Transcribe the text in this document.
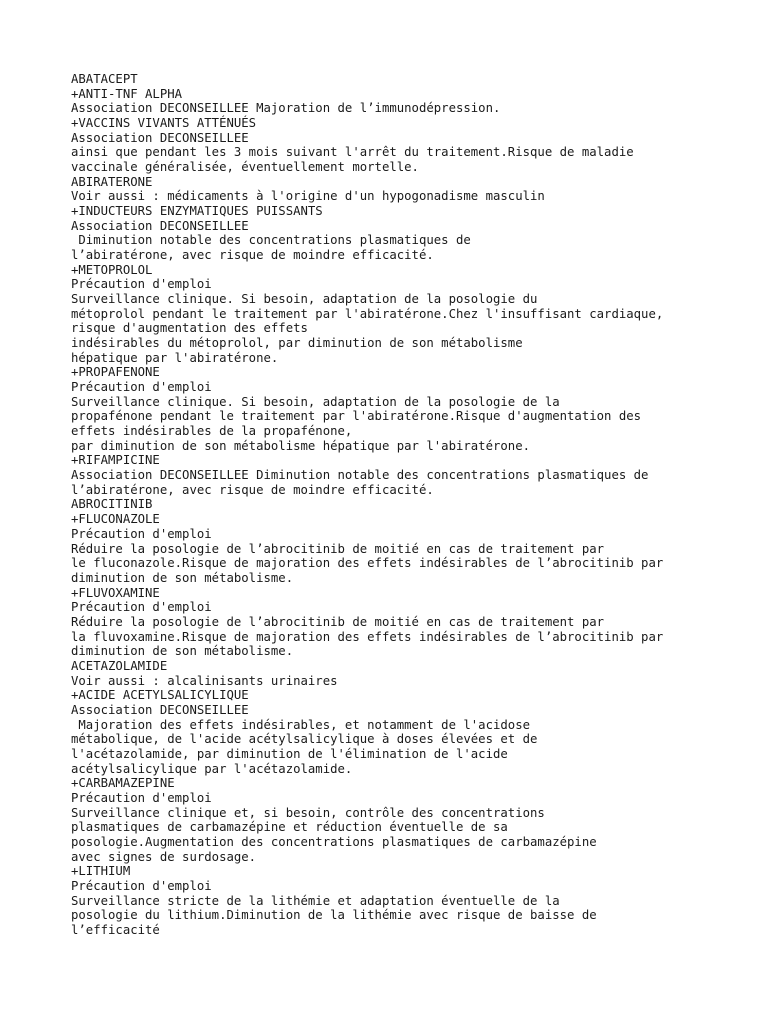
ABATACEPT
+ANTI-TNF ALPHA
Association DECONSEILLEE Majoration de l’immunodépression.
+VACCINS VIVANTS ATTÉNUÉS
Association DECONSEILLEE
ainsi que pendant les 3 mois suivant l'arrêt du traitement.Risque de maladie
vaccinale généralisée, éventuellement mortelle.
ABIRATERONE
Voir aussi : médicaments à l'origine d'un hypogonadisme masculin
+INDUCTEURS ENZYMATIQUES PUISSANTS
Association DECONSEILLEE
Diminution notable des concentrations plasmatiques de
l’abiratérone, avec risque de moindre efficacité.
+METOPROLOL
Précaution d'emploi
Surveillance clinique. Si besoin, adaptation de la posologie du
métoprolol pendant le traitement par l'abiratérone.Chez l'insuffisant cardiaque,
risque d'augmentation des effets
indésirables du métoprolol, par diminution de son métabolisme
hépatique par l'abiratérone.
+PROPAFENONE
Précaution d'emploi
Surveillance clinique. Si besoin, adaptation de la posologie de la
propafénone pendant le traitement par l'abiratérone.Risque d'augmentation des
effets indésirables de la propafénone,
par diminution de son métabolisme hépatique par l'abiratérone.
+RIFAMPICINE
Association DECONSEILLEE Diminution notable des concentrations plasmatiques de
l’abiratérone, avec risque de moindre efficacité.
ABROCITINIB
+FLUCONAZOLE
Précaution d'emploi
Réduire la posologie de l’abrocitinib de moitié en cas de traitement par
le fluconazole.Risque de majoration des effets indésirables de l’abrocitinib par
diminution de son métabolisme.
+FLUVOXAMINE
Précaution d'emploi
Réduire la posologie de l’abrocitinib de moitié en cas de traitement par
la fluvoxamine.Risque de majoration des effets indésirables de l’abrocitinib par
diminution de son métabolisme.
ACETAZOLAMIDE
Voir aussi : alcalinisants urinaires
+ACIDE ACETYLSALICYLIQUE
Association DECONSEILLEE
Majoration des effets indésirables, et notamment de l'acidose
métabolique, de l'acide acétylsalicylique à doses élevées et de
l'acétazolamide, par diminution de l'élimination de l'acide
acétylsalicylique par l'acétazolamide.
+CARBAMAZEPINE
Précaution d'emploi
Surveillance clinique et, si besoin, contrôle des concentrations
plasmatiques de carbamazépine et réduction éventuelle de sa
posologie.Augmentation des concentrations plasmatiques de carbamazépine
avec signes de surdosage.
+LITHIUM
Précaution d'emploi
Surveillance stricte de la lithémie et adaptation éventuelle de la
posologie du lithium.Diminution de la lithémie avec risque de baisse de
l’efficacité
